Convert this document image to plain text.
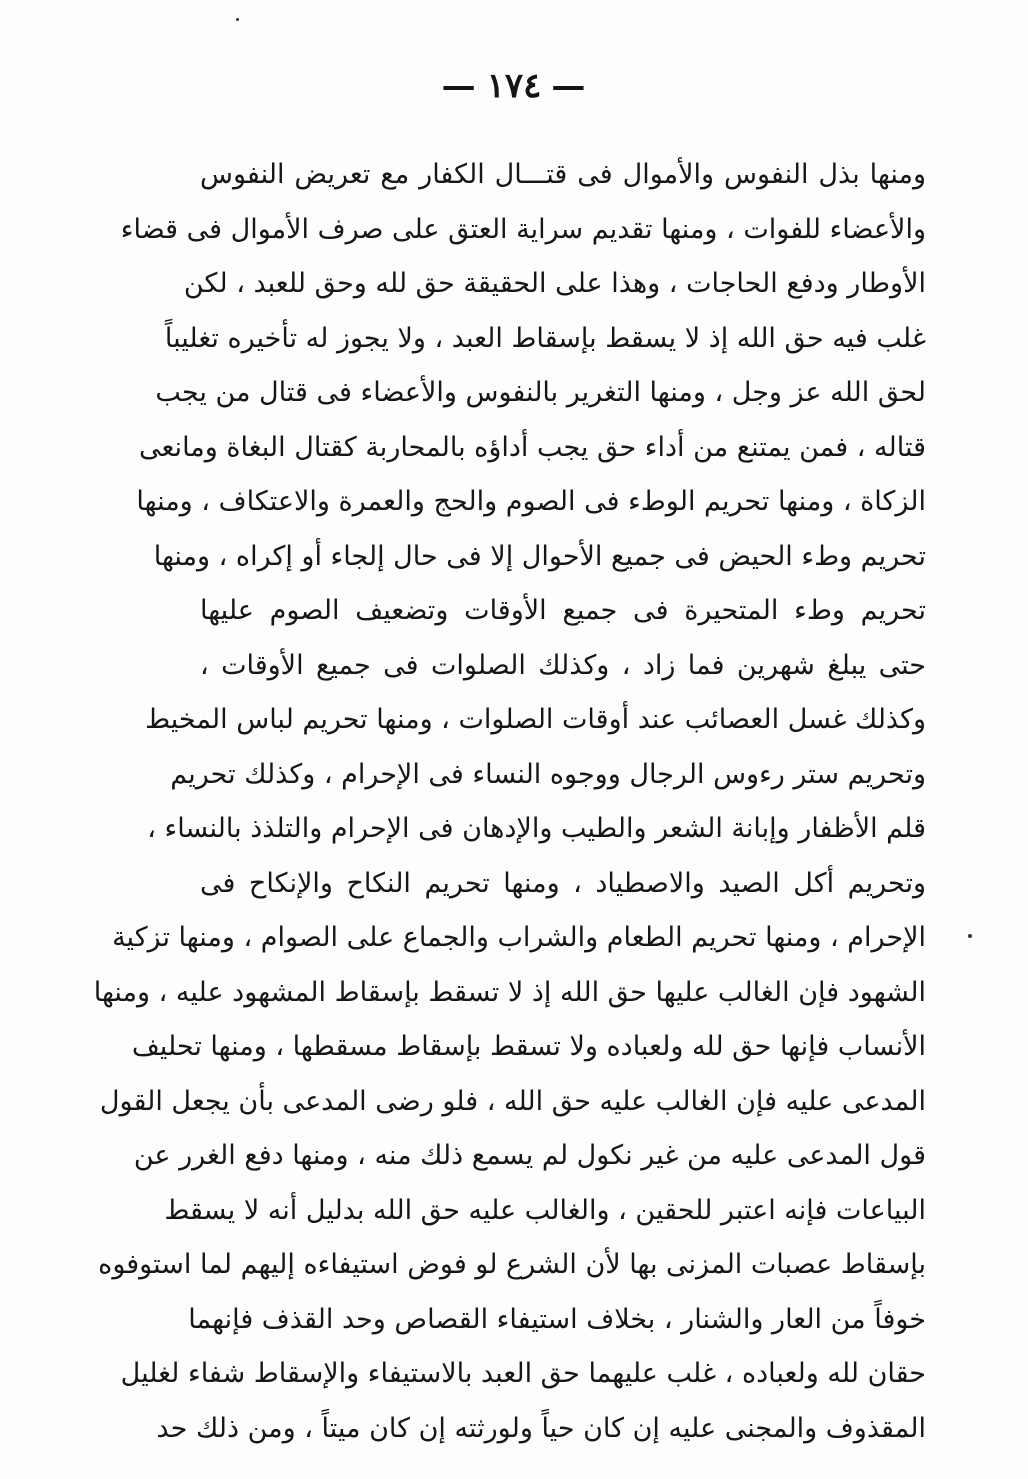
—١٧٤—
ومنها بذل النفوس والأموال فى قتـــال الكفار مع تعريض النفوس
والأعضاء للفوات ، ومنها تقديم سراية العتق على صرف الأموال فى قضاء
الأوطار ودفع الحاجات ، وهذا على الحقيقة حق لله وحق للعبد ، لكن
غلب فيه حق الله إذ لا يسقط بإسقاط العبد ، ولا يجوز له تأخيره تغليباً
لحق الله عز وجل ، ومنها التغرير بالنفوس والأعضاء فى قتال من يجب
قتاله ، فمن يمتنع من أداء حق يجب أداؤه بالمحاربة كقتال البغاة ومانعى
الزكاة ، ومنها تحريم الوطء فى الصوم والحج والعمرة والاعتكاف ، ومنها
تحريم وطء الحيض فى جميع الأحوال إلا فى حال إلجاء أو إكراه ، ومنها
تحريم وطء المتحيرة فى جميع الأوقات وتضعيف الصوم عليها
حتى يبلغ شهرين فما زاد ، وكذلك الصلوات فى جميع الأوقات ،
وكذلك غسل العصائب عند أوقات الصلوات ، ومنها تحريم لباس المخيط
وتحريم ستر رءوس الرجال ووجوه النساء فى الإحرام ، وكذلك تحريم
قلم الأظفار وإبانة الشعر والطيب والإدهان فى الإحرام والتلذذ بالنساء ،
وتحريم أكل الصيد والاصطياد ، ومنها تحريم النكاح والإنكاح فى
الإحرام ، ومنها تحريم الطعام والشراب والجماع على الصوام ، ومنها تزكية
الشهود فإن الغالب عليها حق الله إذ لا تسقط بإسقاط المشهود عليه ، ومنها
الأنساب فإنها حق لله ولعباده ولا تسقط بإسقاط مسقطها ، ومنها تحليف
المدعى عليه فإن الغالب عليه حق الله ، فلو رضى المدعى بأن يجعل القول
قول المدعى عليه من غير نكول لم يسمع ذلك منه ، ومنها دفع الغرر عن
البياعات فإنه اعتبر للحقين ، والغالب عليه حق الله بدليل أنه لا يسقط
بإسقاط عصبات المزنى بها لأن الشرع لو فوض استيفاءه إليهم لما استوفوه
خوفاً من العار والشنار ، بخلاف استيفاء القصاص وحد القذف فإنهما
حقان لله ولعباده ، غلب عليهما حق العبد بالاستيفاء والإسقاط شفاء لغليل
المقذوف والمجنى عليه إن كان حياً ولورثته إن كان ميتاً ، ومن ذلك حد
